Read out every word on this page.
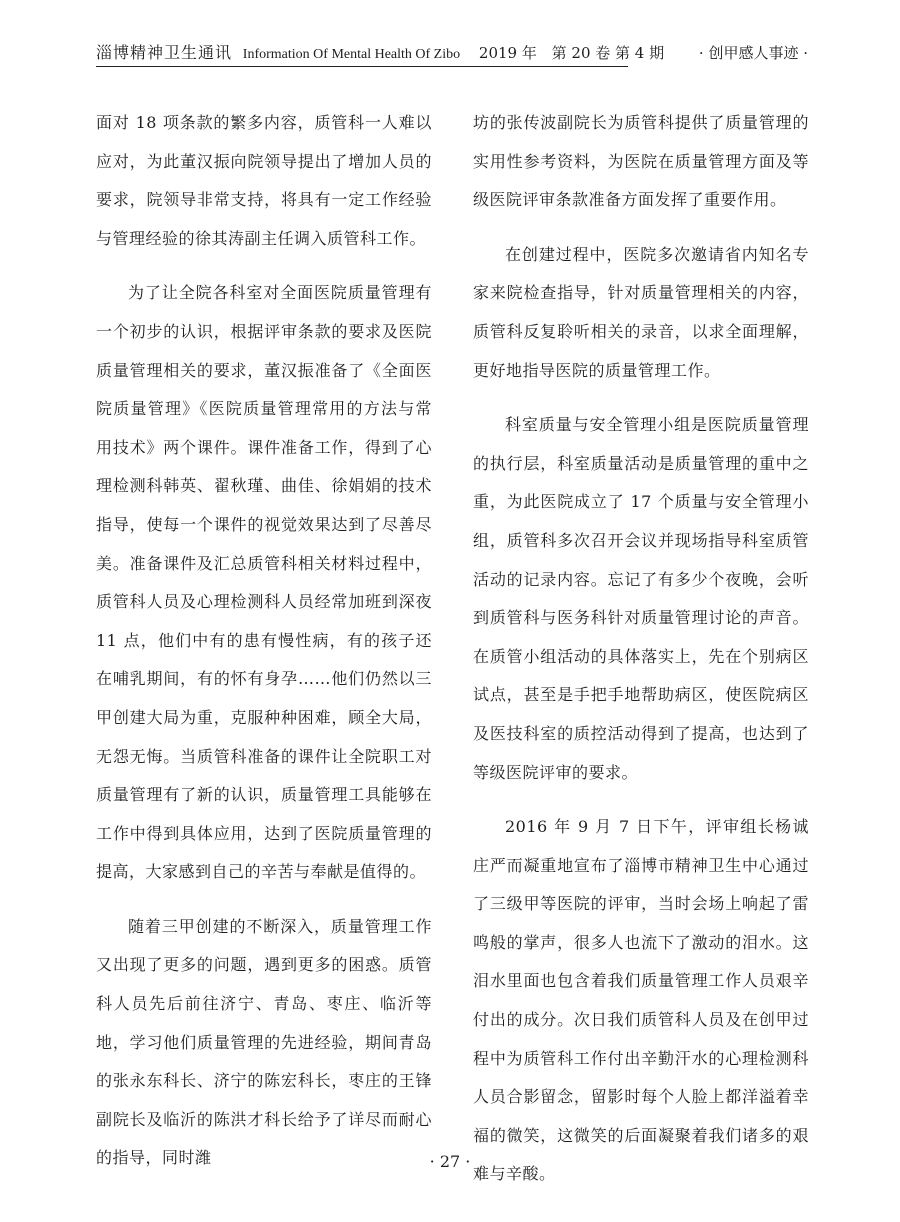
淄博精神卫生通讯 Information Of Mental Health Of Zibo 2019 年 第 20 卷 第 4 期 · 创甲感人事迹 ·

面对 18 项条款的繁多内容，质管科一人难以应对，为此董汉振向院领导提出了增加人员的要求，院领导非常支持，将具有一定工作经验与管理经验的徐其涛副主任调入质管科工作。

为了让全院各科室对全面医院质量管理有一个初步的认识，根据评审条款的要求及医院质量管理相关的要求，董汉振准备了《全面医院质量管理》《医院质量管理常用的方法与常用技术》两个课件。课件准备工作，得到了心理检测科韩英、翟秋瑾、曲佳、徐娟娟的技术指导，使每一个课件的视觉效果达到了尽善尽美。准备课件及汇总质管科相关材料过程中，质管科人员及心理检测科人员经常加班到深夜 11 点，他们中有的患有慢性病，有的孩子还在哺乳期间，有的怀有身孕……他们仍然以三甲创建大局为重，克服种种困难，顾全大局，无怨无悔。当质管科准备的课件让全院职工对质量管理有了新的认识，质量管理工具能够在工作中得到具体应用，达到了医院质量管理的提高，大家感到自己的辛苦与奉献是值得的。

随着三甲创建的不断深入，质量管理工作又出现了更多的问题，遇到更多的困惑。质管科人员先后前往济宁、青岛、枣庄、临沂等地，学习他们质量管理的先进经验，期间青岛的张永东科长、济宁的陈宏科长，枣庄的王锋副院长及临沂的陈洪才科长给予了详尽而耐心的指导，同时潍

坊的张传波副院长为质管科提供了质量管理的实用性参考资料，为医院在质量管理方面及等级医院评审条款准备方面发挥了重要作用。

在创建过程中，医院多次邀请省内知名专家来院检查指导，针对质量管理相关的内容，质管科反复聆听相关的录音，以求全面理解，更好地指导医院的质量管理工作。

科室质量与安全管理小组是医院质量管理的执行层，科室质量活动是质量管理的重中之重，为此医院成立了 17 个质量与安全管理小组，质管科多次召开会议并现场指导科室质管活动的记录内容。忘记了有多少个夜晚，会听到质管科与医务科针对质量管理讨论的声音。在质管小组活动的具体落实上，先在个别病区试点，甚至是手把手地帮助病区，使医院病区及医技科室的质控活动得到了提高，也达到了等级医院评审的要求。

2016 年 9 月 7 日下午，评审组长杨诚庄严而凝重地宣布了淄博市精神卫生中心通过了三级甲等医院的评审，当时会场上响起了雷鸣般的掌声，很多人也流下了激动的泪水。这泪水里面也包含着我们质量管理工作人员艰辛付出的成分。次日我们质管科人员及在创甲过程中为质管科工作付出辛勤汗水的心理检测科人员合影留念，留影时每个人脸上都洋溢着幸福的微笑，这微笑的后面凝聚着我们诸多的艰难与辛酸。

· 27 ·
